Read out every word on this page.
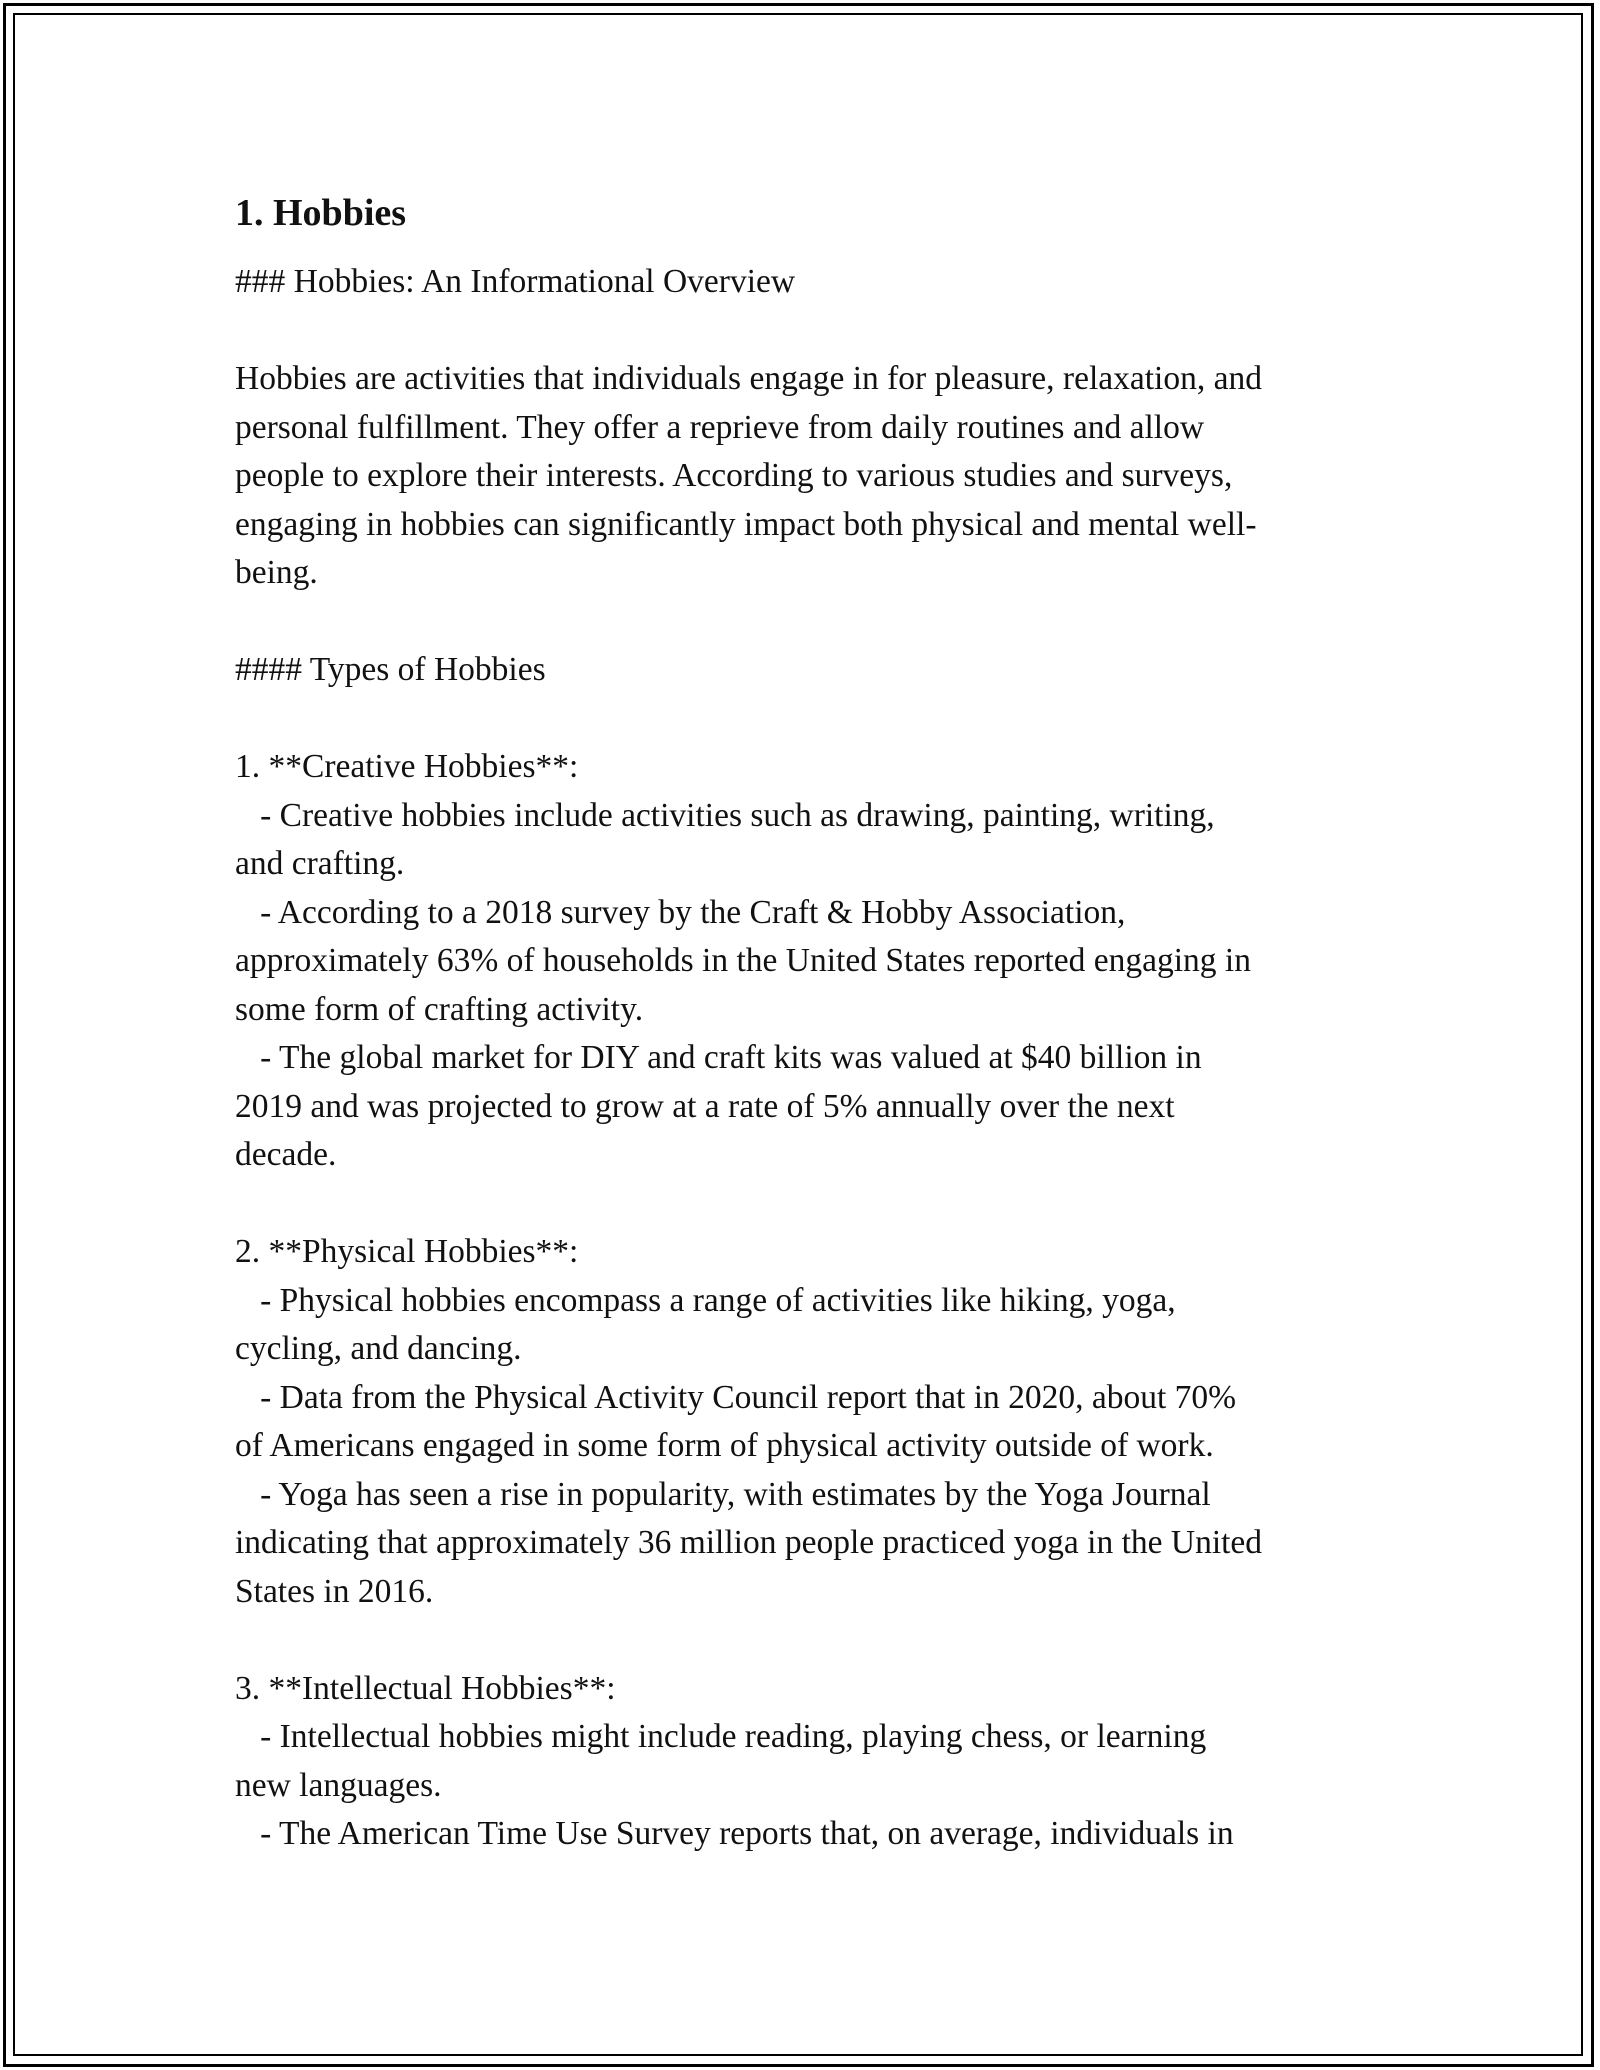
1. Hobbies
### Hobbies: An Informational Overview

Hobbies are activities that individuals engage in for pleasure, relaxation, and
personal fulfillment. They offer a reprieve from daily routines and allow
people to explore their interests. According to various studies and surveys,
engaging in hobbies can significantly impact both physical and mental well-
being.

#### Types of Hobbies

1. **Creative Hobbies**:
- Creative hobbies include activities such as drawing, painting, writing,
and crafting.
- According to a 2018 survey by the Craft & Hobby Association,
approximately 63% of households in the United States reported engaging in
some form of crafting activity.
- The global market for DIY and craft kits was valued at $40 billion in
2019 and was projected to grow at a rate of 5% annually over the next
decade.

2. **Physical Hobbies**:
- Physical hobbies encompass a range of activities like hiking, yoga,
cycling, and dancing.
- Data from the Physical Activity Council report that in 2020, about 70%
of Americans engaged in some form of physical activity outside of work.
- Yoga has seen a rise in popularity, with estimates by the Yoga Journal
indicating that approximately 36 million people practiced yoga in the United
States in 2016.

3. **Intellectual Hobbies**:
- Intellectual hobbies might include reading, playing chess, or learning
new languages.
- The American Time Use Survey reports that, on average, individuals in
